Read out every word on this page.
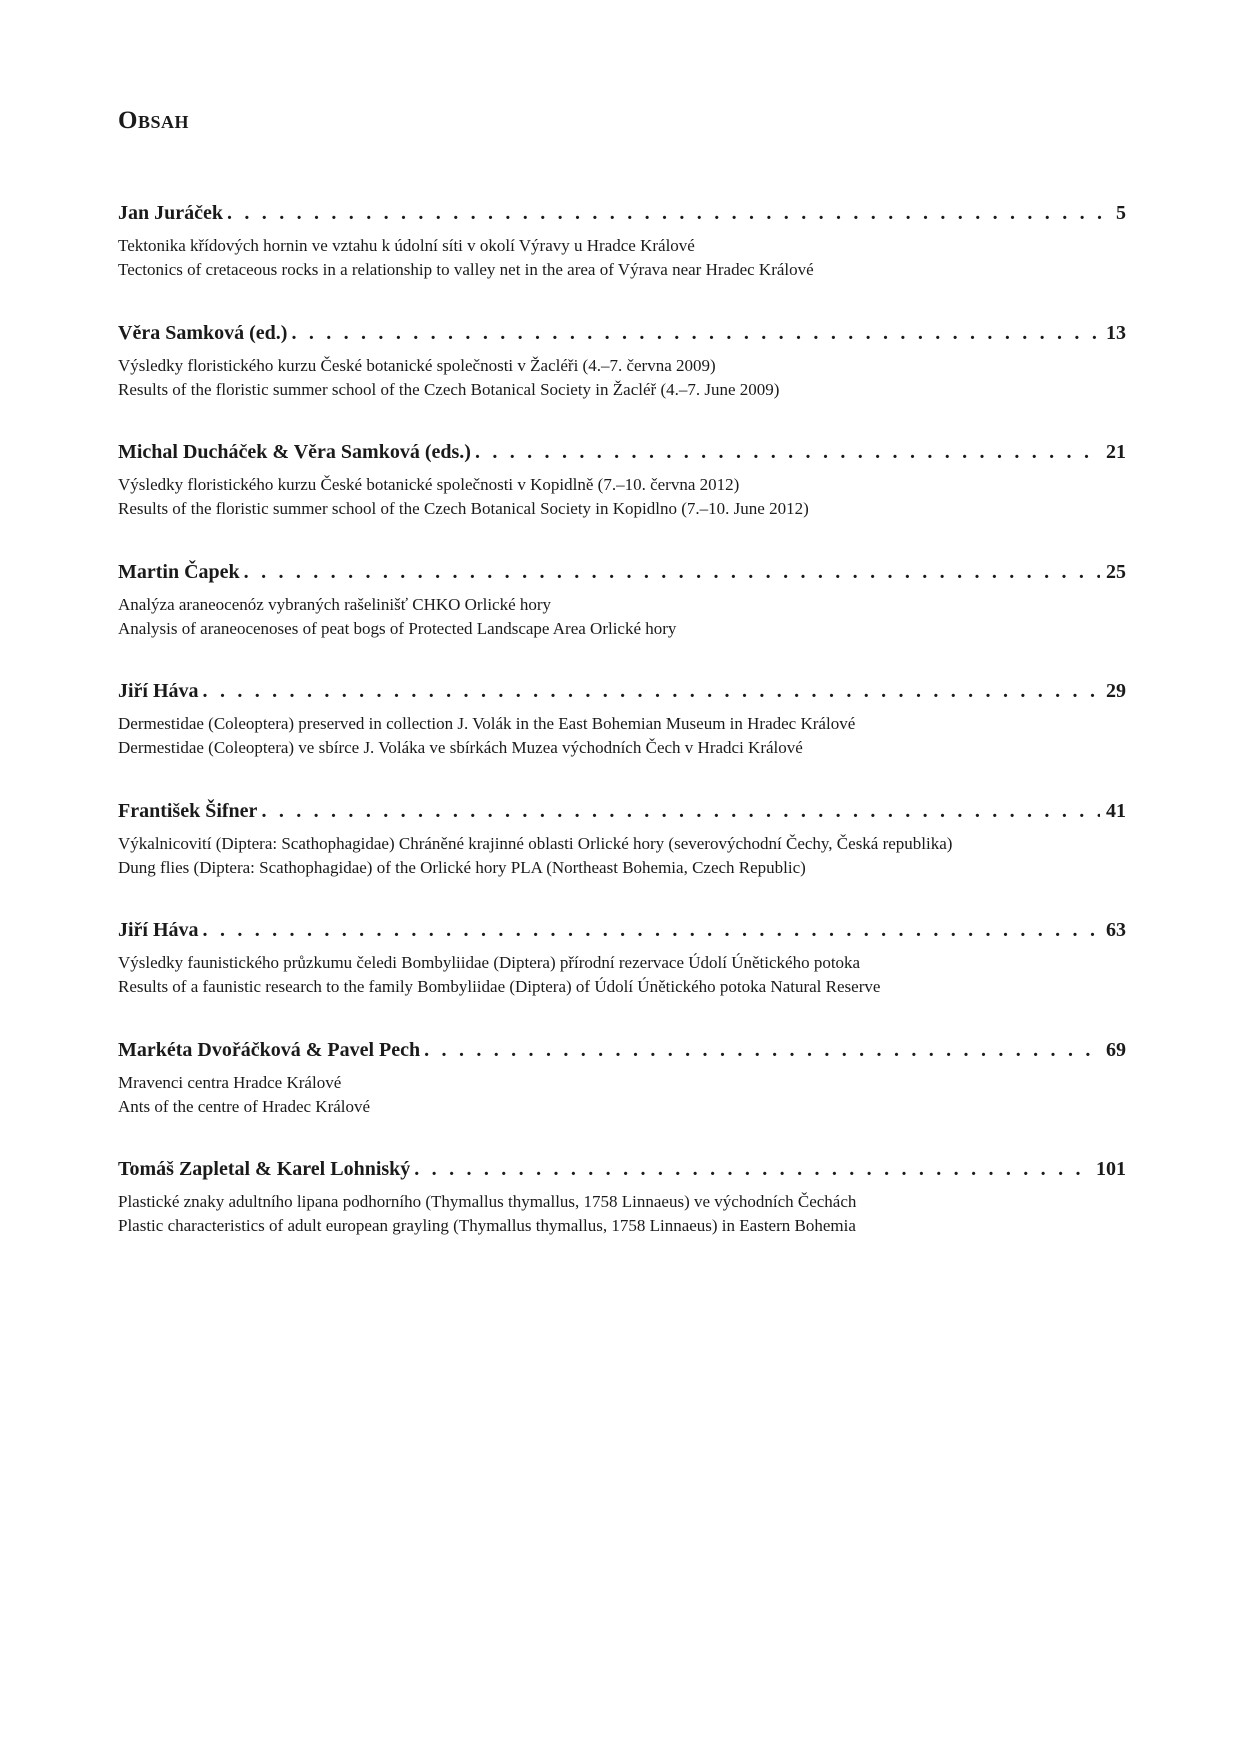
Obsah
Jan Juráček . . .	5
Tektonika křídových hornin ve vztahu k údolní síti v okolí Výravy u Hradce Králové
Tectonics of cretaceous rocks in a relationship to valley net in the area of Výrava near Hradec Králové
Věra Samková (ed.) . . .	13
Výsledky floristického kurzu České botanické společnosti v Žacléři (4.–7. června 2009)
Results of the floristic summer school of the Czech Botanical Society in Žacléř (4.–7. June 2009)
Michal Ducháček & Věra Samková (eds.) . . .	21
Výsledky floristického kurzu České botanické společnosti v Kopidlně (7.–10. června 2012)
Results of the floristic summer school of the Czech Botanical Society in Kopidlno (7.–10. June 2012)
Martin Čapek . . .	25
Analýza araneocenóz vybraných rašelinišť CHKO Orlické hory
Analysis of araneocenoses of peat bogs of Protected Landscape Area Orlické hory
Jiří Háva . . .	29
Dermestidae (Coleoptera) preserved in collection J. Volák in the East Bohemian Museum in Hradec Králové
Dermestidae (Coleoptera) ve sbírce J. Voláka ve sbírkách Muzea východních Čech v Hradci Králové
František Šifner . . .	41
Výkalnicovití (Diptera: Scathophagidae) Chráněné krajinné oblasti Orlické hory (severovýchodní Čechy, Česká republika)
Dung flies (Diptera: Scathophagidae) of the Orlické hory PLA (Northeast Bohemia, Czech Republic)
Jiří Háva . . .	63
Výsledky faunistického průzkumu čeledi Bombyliidae (Diptera) přírodní rezervace Údolí Únětického potoka
Results of a faunistic research to the family Bombyliidae (Diptera) of Údolí Únětického potoka Natural Reserve
Markéta Dvořáčková & Pavel Pech . . .	69
Mravenci centra Hradce Králové
Ants of the centre of Hradec Králové
Tomáš Zapletal & Karel Lohniský . . .	101
Plastické znaky adultního lipana podhorního (Thymallus thymallus, 1758 Linnaeus) ve východních Čechách
Plastic characteristics of adult european grayling (Thymallus thymallus, 1758 Linnaeus) in Eastern Bohemia
